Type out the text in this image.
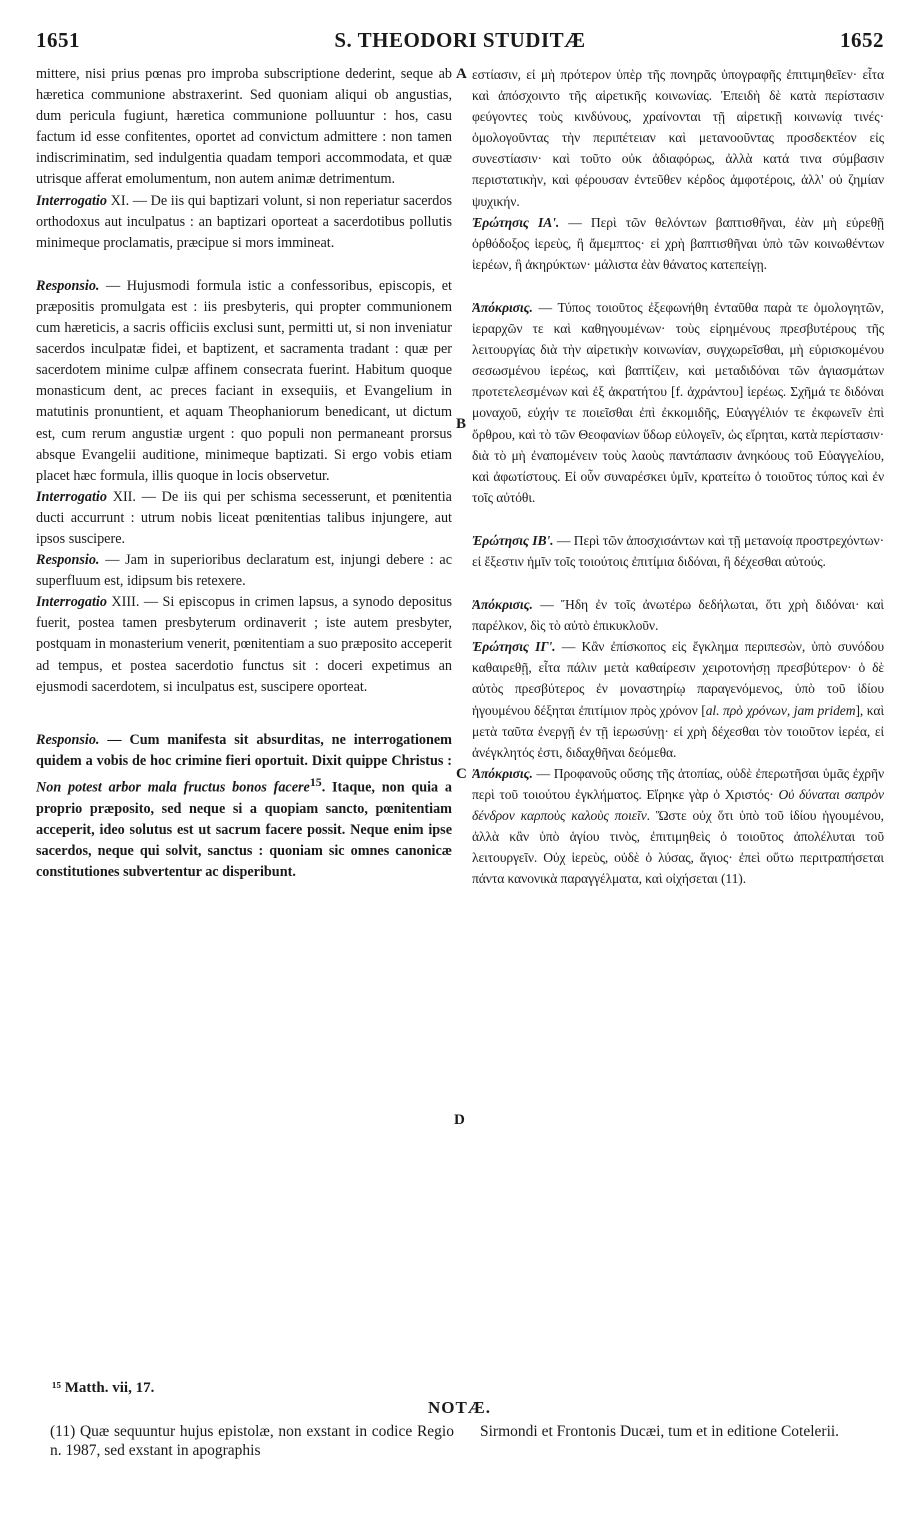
S. THEODORI STUDITÆ
1651	1652
A
B
C
D

mittere, nisi prius pœnas pro improba subscriptione dederint, seque ab hæretica communione abstraxerint. Sed quoniam aliqui ob angustias, dum pericula fugiunt, hæretica communione polluuntur : hos, casu factum id esse confitentes, oportet ad convictum admittere : non tamen indiscriminatim, sed indulgentia quadam tempori accommodata, et quæ utrisque afferat emolumentum, non autem animæ detrimentum.

Interrogatio XI. — De iis qui baptizari volunt, si non reperiatur sacerdos orthodoxus aut inculpatus : an baptizari oporteat a sacerdotibus pollutis minimeque proclamatis, præcipue si mors immineat.

Responsio. — Hujusmodi formula istic a confessoribus, episcopis, et præpositis promulgata est : iis presbyteris, qui propter communionem cum hæreticis, a sacris officiis exclusi sunt, permitti ut, si non inveniatur sacerdos inculpatæ fidei, et baptizent, et sacramenta tradant : quæ per sacerdotem minime culpæ affinem consecrata fuerint. Habitum quoque monasticum dent, ac preces faciant in exsequiis, et Evangelium in matutinis pronuntient, et aquam Theophaniorum benedicant, ut dictum est, cum rerum angustiæ urgent : quo populi non permaneant prorsus absque Evangelii auditione, minimeque baptizati. Si ergo vobis etiam placet hæc formula, illis quoque in locis observetur.

Interrogatio XII. — De iis qui per schisma secesserunt, et pœnitentia ducti accurrunt : utrum nobis liceat pœnitentias talibus injungere, aut ipsos suscipere.

Responsio. — Jam in superioribus declaratum est, injungi debere : ac superfluum est, idipsum bis retexere.

Interrogatio XIII. — Si episcopus in crimen lapsus, a synodo depositus fuerit, postea tamen presbyterum ordinaverit ; iste autem presbyter, postquam in monasterium venerit, pœnitentiam a suo præposito acceperit ad tempus, et postea sacerdotio functus sit : doceri expetimus an ejusmodi sacerdotem, si inculpatus est, suscipere oporteat.

Responsio. — Cum manifesta sit absurditas, ne interrogationem quidem a vobis de hoc crimine fieri oportuit. Dixit quippe Christus : Non potest arbor mala fructus bonos facere$^{15}$. Itaque, non quia a proprio præposito, sed neque si a quopiam sancto, pœnitentiam acceperit, ideo solutus est ut sacrum facere possit. Neque enim ipse sacerdos, neque qui solvit, sanctus : quoniam sic omnes canonicæ constitutiones subvertentur ac disperibunt.

εστίασιν, εἰ μὴ πρότερον ὑπὲρ τῆς πονηρᾶς ὑπογραφῆς ἐπιτιμηθεῖεν· εἶτα καὶ ἀπόσχοιντο τῆς αἱρετικῆς κοινωνίας. Ἐπειδὴ δὲ κατὰ περίστασιν φεύγοντες τοὺς κινδύνους, χραίνονται τῇ αἱρετικῇ κοινωνίᾳ τινές· ὁμολογοῦντας τὴν περιπέτειαν καὶ μετανοοῦντας προσδεκτέον εἰς συνεστίασιν· καὶ τοῦτο οὐκ ἀδιαφόρως, ἀλλὰ κατά τινα σύμβασιν περιστατικὴν, καὶ φέρουσαν ἐντεῦθεν κέρδος ἀμφοτέροις, ἀλλ' οὐ ζημίαν ψυχικήν.

Ἐρώτησις ΙΑ'. — Περὶ τῶν θελόντων βαπτισθῆναι, ἐὰν μὴ εὑρεθῇ ὀρθόδοξος ἱερεὺς, ἢ ἄμεμπτος· εἰ χρὴ βαπτισθῆναι ὑπὸ τῶν κοινωθέντων ἱερέων, ἢ ἀκηρύκτων· μάλιστα ἐὰν θάνατος κατεπείγῃ.

Ἀπόκρισις. — Τύπος τοιοῦτος ἐξεφωνήθη ἐνταῦθα παρὰ τε ὁμολογητῶν, ἱεραρχῶν τε καὶ καθηγουμένων· τοὺς εἰρημένους πρεσβυτέρους τῆς λειτουργίας διὰ τὴν αἱρετικὴν κοινωνίαν, συγχωρεῖσθαι, μὴ εὑρισκομένου σεσωσμένου ἱερέως, καὶ βαπτίζειν, καὶ μεταδιδόναι τῶν ἁγιασμάτων προτετελεσμένων καὶ ἐξ ἀκρατήτου [f. ἀχράντου] ἱερέως. Σχῆμά τε διδόναι μοναχοῦ, εὐχήν τε ποιεῖσθαι ἐπὶ ἐκκομιδῆς, Εὐαγγέλιόν τε ἐκφωνεῖν ἐπὶ ὄρθρου, καὶ τὸ τῶν Θεοφανίων ὕδωρ εὐλογεῖν, ὡς εἴρηται, κατὰ περίστασιν· διὰ τὸ μὴ ἐναπομένειν τοὺς λαοὺς παντάπασιν ἀνηκόους τοῦ Εὐαγγελίου, καὶ ἀφωτίστους. Εἰ οὖν συναρέσκει ὑμῖν, κρατείτω ὁ τοιοῦτος τύπος καὶ ἐν τοῖς αὐτόθι.

Ἐρώτησις ΙΒ'. — Περὶ τῶν ἀποσχισάντων καὶ τῇ μετανοίᾳ προστρεχόντων· εἰ ἔξεστιν ἡμῖν τοῖς τοιούτοις ἐπιτίμια διδόναι, ἢ δέχεσθαι αὐτούς.

Ἀπόκρισις. — Ἤδη ἐν τοῖς ἀνωτέρω δεδήλωται, ὅτι χρὴ διδόναι· καὶ παρέλκον, δὶς τὸ αὐτὸ ἐπικυκλοῦν.

Ἐρώτησις ΙΓ'. — Κἂν ἐπίσκοπος εἰς ἔγκλημα περιπεσὼν, ὑπὸ συνόδου καθαιρεθῇ, εἶτα πάλιν μετὰ καθαίρεσιν χειροτονήσῃ πρεσβύτερον· ὁ δὲ αὐτὸς πρεσβύτερος ἐν μοναστηρίῳ παραγενόμενος, ὑπὸ τοῦ ἰδίου ἡγουμένου δέξηται ἐπιτίμιον πρὸς χρόνον [al. πρὸ χρόνων, jam pridem], καὶ μετὰ ταῦτα ἐνεργῇ ἐν τῇ ἱερωσύνῃ· εἰ χρὴ δέχεσθαι τὸν τοιοῦτον ἱερέα, εἰ ἀνέγκλητός ἐστι, διδαχθῆναι δεόμεθα.

Ἀπόκρισις. — Προφανοῦς οὔσης τῆς ἀτοπίας, οὐδὲ ἐπερωτῆσαι ὑμᾶς ἐχρῆν περὶ τοῦ τοιούτου ἐγκλήματος. Εἴρηκε γὰρ ὁ Χριστός· Οὐ δύναται σαπρὸν δένδρον καρποὺς καλοὺς ποιεῖν. Ὥστε οὐχ ὅτι ὑπὸ τοῦ ἰδίου ἡγουμένου, ἀλλὰ κἂν ὑπὸ ἁγίου τινὸς, ἐπιτιμηθεὶς ὁ τοιοῦτος ἀπολέλυται τοῦ λειτουργεῖν. Οὐχ ἱερεὺς, οὐδὲ ὁ λύσας, ἅγιος· ἐπεὶ οὕτω περιτραπήσεται πάντα κανονικὰ παραγγέλματα, καὶ οἰχήσεται (11).

¹⁵ Matth. vii, 17.
NOTÆ.
(11) Quæ sequuntur hujus epistolæ, non exstant in codice Regio n. 1987, sed exstant in apographis
Sirmondi et Frontonis Ducæi, tum et in editione Cotelerii.
